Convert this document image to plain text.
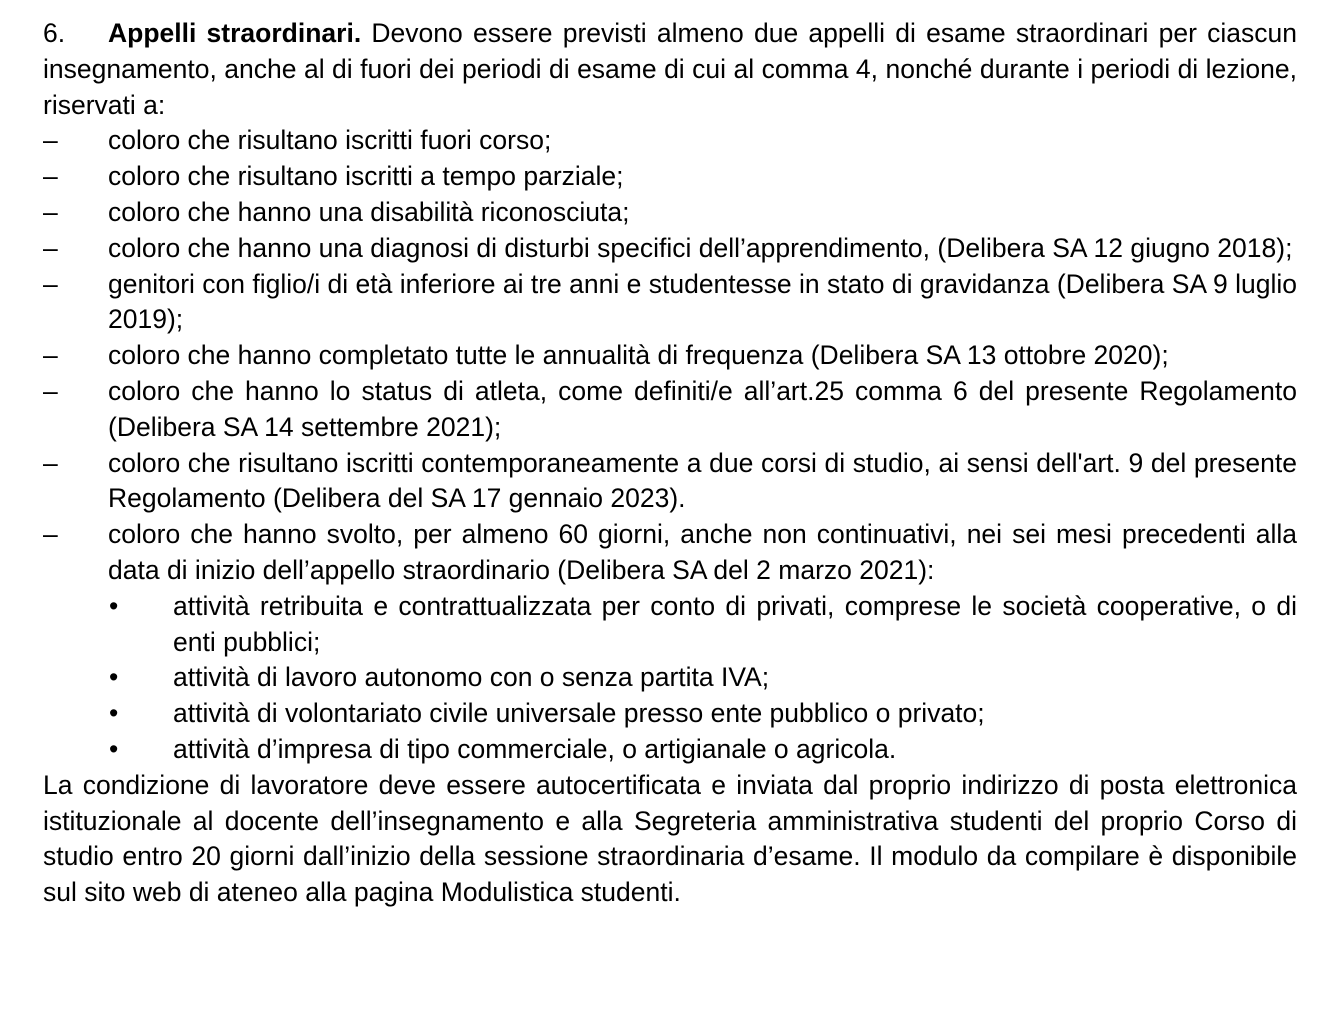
6. Appelli straordinari. Devono essere previsti almeno due appelli di esame straordinari per ciascun insegnamento, anche al di fuori dei periodi di esame di cui al comma 4, nonché durante i periodi di lezione, riservati a:

– coloro che risultano iscritti fuori corso;
– coloro che risultano iscritti a tempo parziale;
– coloro che hanno una disabilità riconosciuta;
– coloro che hanno una diagnosi di disturbi specifici dell’apprendimento, (Delibera SA 12 giugno 2018);
– genitori con figlio/i di età inferiore ai tre anni e studentesse in stato di gravidanza (Delibera SA 9 luglio 2019);
– coloro che hanno completato tutte le annualità di frequenza (Delibera SA 13 ottobre 2020);
– coloro che hanno lo status di atleta, come definiti/e all’art.25 comma 6 del presente Regolamento (Delibera SA 14 settembre 2021);
– coloro che risultano iscritti contemporaneamente a due corsi di studio, ai sensi dell'art. 9 del presente Regolamento (Delibera del SA 17 gennaio 2023).
– coloro che hanno svolto, per almeno 60 giorni, anche non continuativi, nei sei mesi precedenti alla data di inizio dell’appello straordinario (Delibera SA del 2 marzo 2021):
• attività retribuita e contrattualizzata per conto di privati, comprese le società cooperative, o di enti pubblici;
• attività di lavoro autonomo con o senza partita IVA;
• attività di volontariato civile universale presso ente pubblico o privato;
• attività d’impresa di tipo commerciale, o artigianale o agricola.

La condizione di lavoratore deve essere autocertificata e inviata dal proprio indirizzo di posta elettronica istituzionale al docente dell’insegnamento e alla Segreteria amministrativa studenti del proprio Corso di studio entro 20 giorni dall’inizio della sessione straordinaria d’esame. Il modulo da compilare è disponibile sul sito web di ateneo alla pagina Modulistica studenti.
